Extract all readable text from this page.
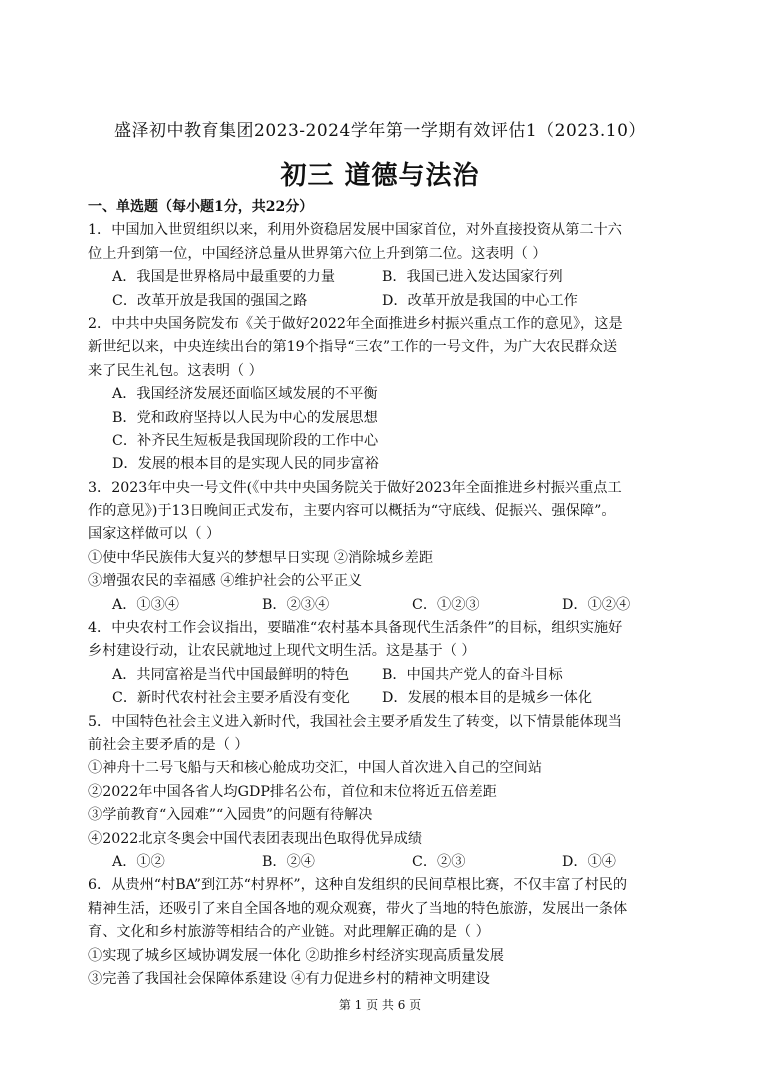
盛泽初中教育集团2023-2024学年第一学期有效评估1（2023.10）
初三 道德与法治
一、单选题（每小题1分，共22分）
1．中国加入世贸组织以来，利用外资稳居发展中国家首位，对外直接投资从第二十六
位上升到第一位，中国经济总量从世界第六位上升到第二位。这表明（ ）
A．我国是世界格局中最重要的力量	B．我国已进入发达国家行列
C．改革开放是我国的强国之路	D．改革开放是我国的中心工作
2．中共中央国务院发布《关于做好2022年全面推进乡村振兴重点工作的意见》，这是
新世纪以来，中央连续出台的第19个指导“三农”工作的一号文件，为广大农民群众送
来了民生礼包。这表明（ ）
A．我国经济发展还面临区域发展的不平衡
B．党和政府坚持以人民为中心的发展思想
C．补齐民生短板是我国现阶段的工作中心
D．发展的根本目的是实现人民的同步富裕
3．2023年中央一号文件(《中共中央国务院关于做好2023年全面推进乡村振兴重点工
作的意见》)于13日晚间正式发布，主要内容可以概括为“守底线、促振兴、强保障”。
国家这样做可以（ ）
①使中华民族伟大复兴的梦想早日实现 ②消除城乡差距
③增强农民的幸福感 ④维护社会的公平正义
A．①③④	B．②③④	C．①②③	D．①②④
4．中央农村工作会议指出，要瞄准“农村基本具备现代生活条件”的目标，组织实施好
乡村建设行动，让农民就地过上现代文明生活。这是基于（ ）
A．共同富裕是当代中国最鲜明的特色	B．中国共产党人的奋斗目标
C．新时代农村社会主要矛盾没有变化	D．发展的根本目的是城乡一体化
5．中国特色社会主义进入新时代，我国社会主要矛盾发生了转变，以下情景能体现当
前社会主要矛盾的是（ ）
①神舟十二号飞船与天和核心舱成功交汇，中国人首次进入自己的空间站
②2022年中国各省人均GDP排名公布，首位和末位将近五倍差距
③学前教育“入园难”“入园贵”的问题有待解决
④2022北京冬奥会中国代表团表现出色取得优异成绩
A．①②	B．②④	C．②③	D．①④
6．从贵州“村BA”到江苏“村界杯”，这种自发组织的民间草根比赛，不仅丰富了村民的
精神生活，还吸引了来自全国各地的观众观赛，带火了当地的特色旅游，发展出一条体
育、文化和乡村旅游等相结合的产业链。对此理解正确的是（ ）
①实现了城乡区域协调发展一体化 ②助推乡村经济实现高质量发展
③完善了我国社会保障体系建设 ④有力促进乡村的精神文明建设
第 1 页 共 6 页
